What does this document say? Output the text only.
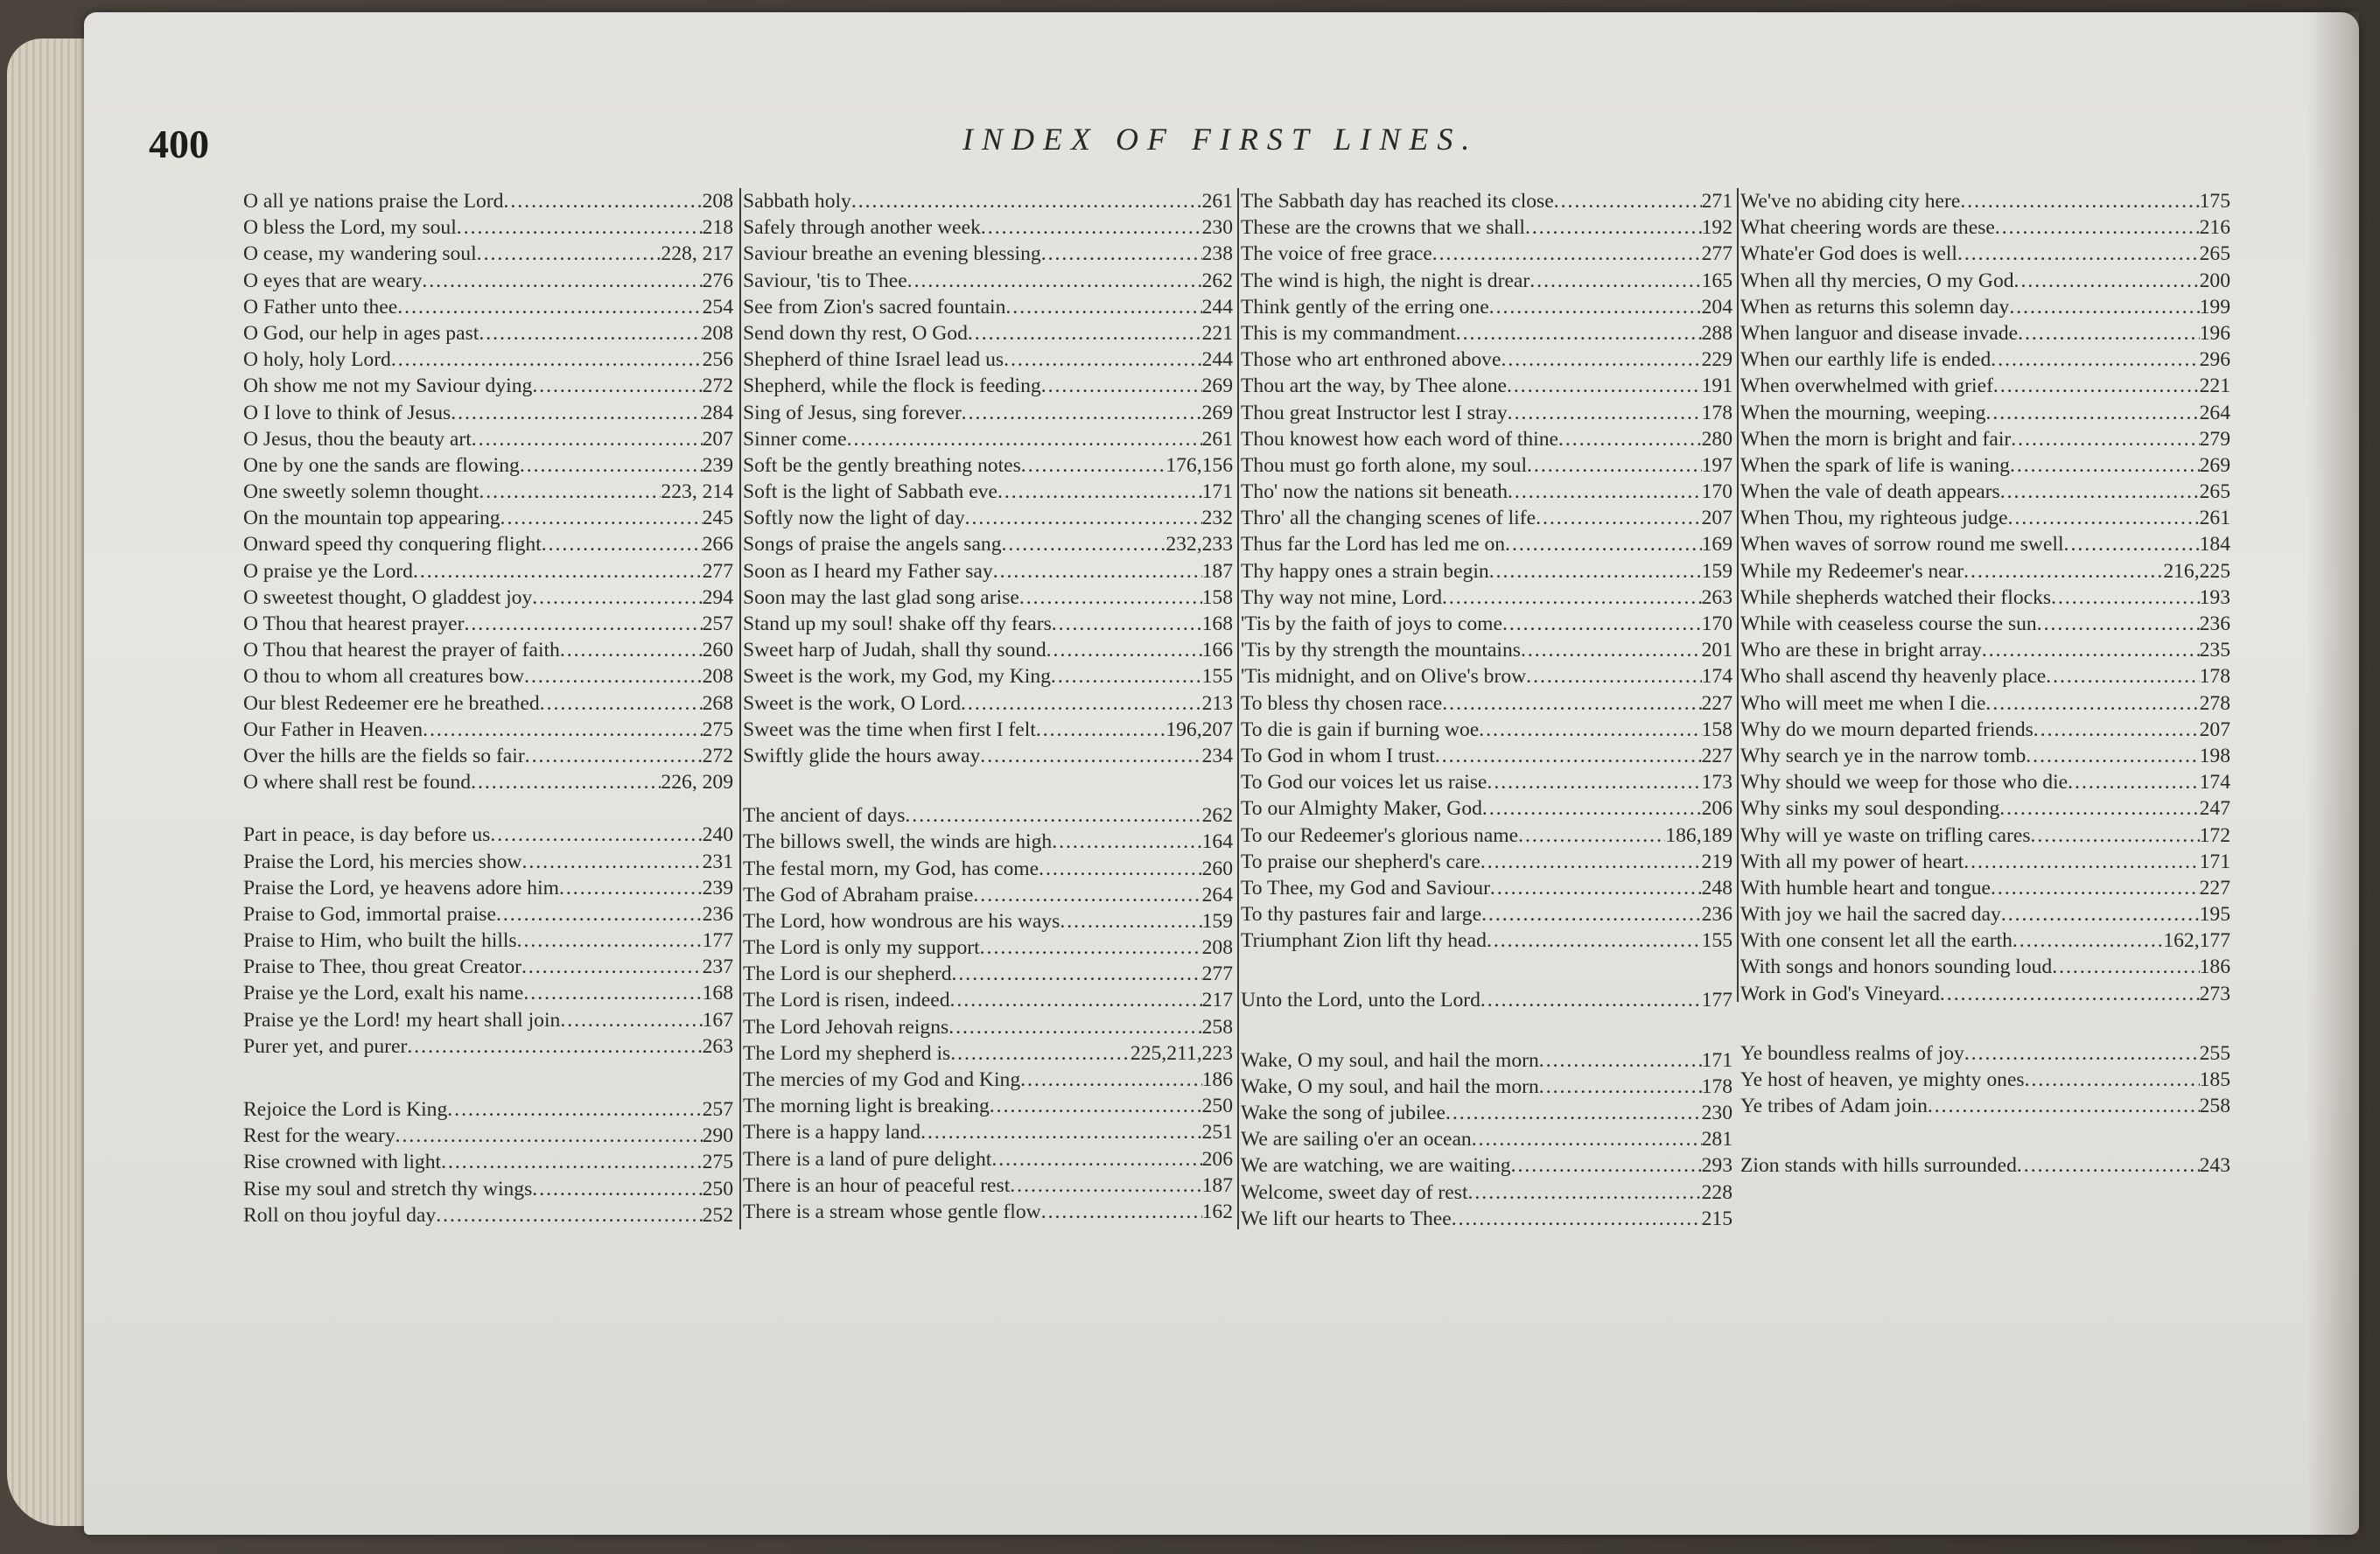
400	INDEX OF FIRST LINES.
O all ye nations praise the Lord .....	208
O bless the Lord, my soul .....	218
O cease, my wandering soul .....	228, 217
O eyes that are weary .....	276
O Father unto thee .....	254
O God, our help in ages past .....	208
O holy, holy Lord .....	256
Oh show me not my Saviour dying .....	272
O I love to think of Jesus .....	284
O Jesus, thou the beauty art .....	207
One by one the sands are flowing .....	239
One sweetly solemn thought .....	223, 214
On the mountain top appearing .....	245
Onward speed thy conquering flight .....	266
O praise ye the Lord .....	277
O sweetest thought, O gladdest joy .....	294
O Thou that hearest prayer .....	257
O Thou that hearest the prayer of faith .....	260
O thou to whom all creatures bow .....	208
Our blest Redeemer ere he breathed .....	268
Our Father in Heaven .....	275
Over the hills are the fields so fair .....	272
O where shall rest be found .....	226, 209
Part in peace, is day before us .....	240
Praise the Lord, his mercies show .....	231
Praise the Lord, ye heavens adore him .....	239
Praise to God, immortal praise .....	236
Praise to Him, who built the hills .....	177
Praise to Thee, thou great Creator .....	237
Praise ye the Lord, exalt his name .....	168
Praise ye the Lord! my heart shall join .....	167
Purer yet, and purer .....	263
Rejoice the Lord is King .....	257
Rest for the weary .....	290
Rise crowned with light .....	275
Rise my soul and stretch thy wings .....	250
Roll on thou joyful day .....	252
Sabbath holy .....	261
Safely through another week .....	230
Saviour breathe an evening blessing .....	238
Saviour, 'tis to Thee .....	262
See from Zion's sacred fountain .....	244
Send down thy rest, O God .....	221
Shepherd of thine Israel lead us .....	244
Shepherd, while the flock is feeding .....	269
Sing of Jesus, sing forever .....	269
Sinner come .....	261
Soft be the gently breathing notes .....	176,156
Soft is the light of Sabbath eve .....	171
Softly now the light of day .....	232
Songs of praise the angels sang .....	232,233
Soon as I heard my Father say .....	187
Soon may the last glad song arise .....	158
Stand up my soul! shake off thy fears .....	168
Sweet harp of Judah, shall thy sound .....	166
Sweet is the work, my God, my King .....	155
Sweet is the work, O Lord .....	213
Sweet was the time when first I felt .....	196,207
Swiftly glide the hours away .....	234
The ancient of days .....	262
The billows swell, the winds are high .....	164
The festal morn, my God, has come .....	260
The God of Abraham praise .....	264
The Lord, how wondrous are his ways .....	159
The Lord is only my support .....	208
The Lord is our shepherd .....	277
The Lord is risen, indeed .....	217
The Lord Jehovah reigns .....	258
The Lord my shepherd is .....	225,211,223
The mercies of my God and King .....	186
The morning light is breaking .....	250
There is a happy land .....	251
There is a land of pure delight .....	206
There is an hour of peaceful rest .....	187
There is a stream whose gentle flow .....	162
The Sabbath day has reached its close .....	271
These are the crowns that we shall .....	192
The voice of free grace .....	277
The wind is high, the night is drear .....	165
Think gently of the erring one .....	204
This is my commandment .....	288
Those who art enthroned above .....	229
Thou art the way, by Thee alone .....	191
Thou great Instructor lest I stray .....	178
Thou knowest how each word of thine .....	280
Thou must go forth alone, my soul .....	197
Tho' now the nations sit beneath .....	170
Thro' all the changing scenes of life .....	207
Thus far the Lord has led me on .....	169
Thy happy ones a strain begin .....	159
Thy way not mine, Lord .....	263
'Tis by the faith of joys to come .....	170
'Tis by thy strength the mountains .....	201
'Tis midnight, and on Olive's brow .....	174
To bless thy chosen race .....	227
To die is gain if burning woe .....	158
To God in whom I trust .....	227
To God our voices let us raise .....	173
To our Almighty Maker, God .....	206
To our Redeemer's glorious name .....	186,189
To praise our shepherd's care .....	219
To Thee, my God and Saviour .....	248
To thy pastures fair and large .....	236
Triumphant Zion lift thy head .....	155
Unto the Lord, unto the Lord .....	177
Wake, O my soul, and hail the morn .....	171
Wake, O my soul, and hail the morn .....	178
Wake the song of jubilee .....	230
We are sailing o'er an ocean .....	281
We are watching, we are waiting .....	293
Welcome, sweet day of rest .....	228
We lift our hearts to Thee .....	215
We've no abiding city here .....	175
What cheering words are these .....	216
Whate'er God does is well .....	265
When all thy mercies, O my God .....	200
When as returns this solemn day .....	199
When languor and disease invade .....	196
When our earthly life is ended .....	296
When overwhelmed with grief .....	221
When the mourning, weeping .....	264
When the morn is bright and fair .....	279
When the spark of life is waning .....	269
When the vale of death appears .....	265
When Thou, my righteous judge .....	261
When waves of sorrow round me swell .....	184
While my Redeemer's near .....	216,225
While shepherds watched their flocks .....	193
While with ceaseless course the sun .....	236
Who are these in bright array .....	235
Who shall ascend thy heavenly place .....	178
Who will meet me when I die .....	278
Why do we mourn departed friends .....	207
Why search ye in the narrow tomb .....	198
Why should we weep for those who die .....	174
Why sinks my soul desponding .....	247
Why will ye waste on trifling cares .....	172
With all my power of heart .....	171
With humble heart and tongue .....	227
With joy we hail the sacred day .....	195
With one consent let all the earth .....	162,177
With songs and honors sounding loud .....	186
Work in God's Vineyard .....	273
Ye boundless realms of joy .....	255
Ye host of heaven, ye mighty ones .....	185
Ye tribes of Adam join .....	258
Zion stands with hills surrounded .....	243
